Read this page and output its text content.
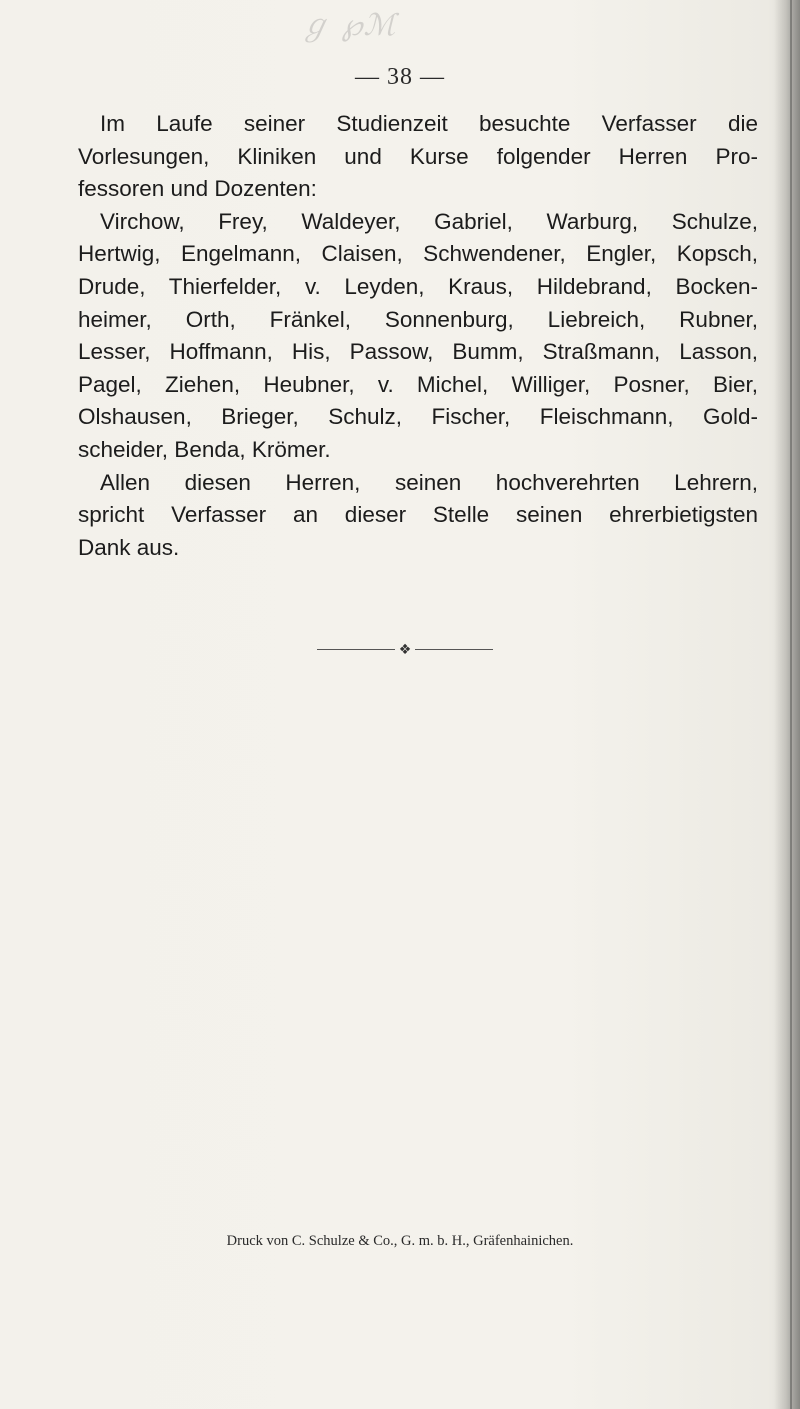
ℊ ℘ℳ
— 38 —
Im Laufe seiner Studienzeit besuchte Verfasser die
Vorlesungen, Kliniken und Kurse folgender Herren Pro-
fessoren und Dozenten:
Virchow, Frey, Waldeyer, Gabriel, Warburg, Schulze,
Hertwig, Engelmann, Claisen, Schwendener, Engler, Kopsch,
Drude, Thierfelder, v. Leyden, Kraus, Hildebrand, Bocken-
heimer, Orth, Fränkel, Sonnenburg, Liebreich, Rubner,
Lesser, Hoffmann, His, Passow, Bumm, Straßmann, Lasson,
Pagel, Ziehen, Heubner, v. Michel, Williger, Posner, Bier,
Olshausen, Brieger, Schulz, Fischer, Fleischmann, Gold-
scheider, Benda, Krömer.
Allen diesen Herren, seinen hochverehrten Lehrern,
spricht Verfasser an dieser Stelle seinen ehrerbietigsten
Dank aus.
❖
Druck von C. Schulze & Co., G. m. b. H., Gräfenhainichen.
